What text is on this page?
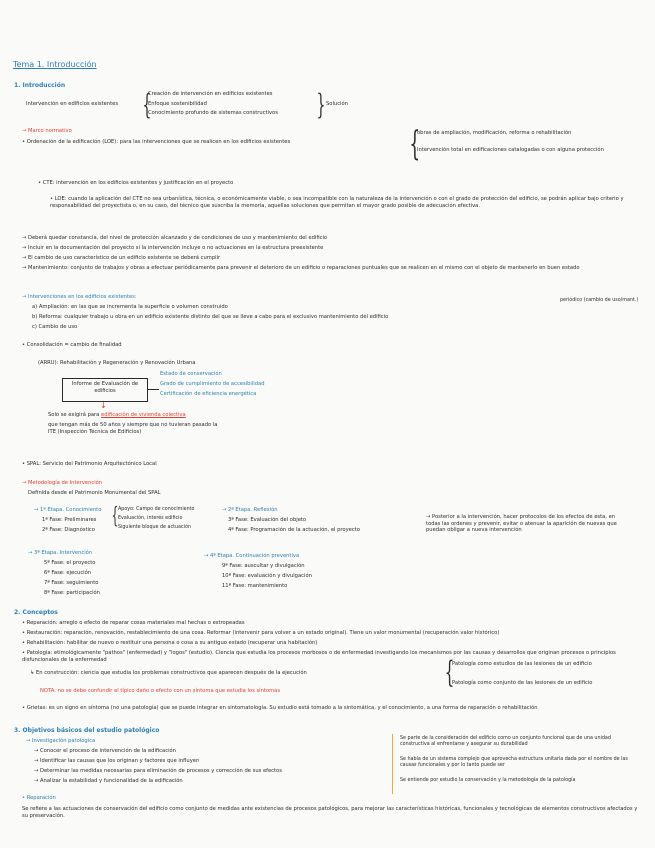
Tema 1. Introducción
1. Introducción
Intervención en edificios existentes {
Creación de intervención en edificios existentes
Enfoque sostenibilidad
Conocimiento profundo de sistemas constructivos } Solución
→ Marco normativo
• Ordenación de la edificación (LOE): para las intervenciones que se realicen en los edificios existentes	{
obras de ampliación, modificación, reforma o rehabilitación
Intervención total en edificaciones catalogadas o con alguna protección
• CTE: intervención en los edificios existentes y justificación en el proyecto
• LOE: cuando la aplicación del CTE no sea urbanística, técnica, o económicamente viable, o sea incompatible con la naturaleza de la intervención o con el grado de protección del edificio, se podrán aplicar bajo criterio y responsabilidad del proyectista o, en su caso, del técnico que suscriba la memoria, aquellas soluciones que permitan el mayor grado posible de adecuación efectiva.
→ Deberá quedar constancia, del nivel de protección alcanzado y de condiciones de uso y mantenimiento del edificio
→ Incluir en la documentación del proyecto si la intervención incluye o no actuaciones en la estructura preexistente
→ El cambio de uso característico de un edificio existente se deberá cumplir
→ Mantenimiento: conjunto de trabajos y obras a efectuar periódicamente para prevenir el deterioro de un edificio o reparaciones puntuales que se realicen en el mismo con el objeto de mantenerlo en buen estado
→ Intervenciones en los edificios existentes:
periódico (cambio de uso/mant.)
a) Ampliación: en las que se incrementa la superficie o volumen construido
b) Reforma: cualquier trabajo u obra en un edificio existente distinto del que se lleve a cabo para el exclusivo mantenimiento del edificio
c) Cambio de uso
• Consolidación = cambio de finalidad
(ARRU): Rehabilitación y Regeneración y Renovación Urbana
Informe de Evaluación de edificios
Estado de conservación
Grado de cumplimiento de accesibilidad
Certificación de eficiencia energética
↓
Solo se exigirá para edificación de vivienda colectiva
que tengan más de 50 años y siempre que no tuvieran pasado la ITE (Inspección Técnica de Edificios)
• SPAL: Servicio del Patrimonio Arquitectónico Local
→ Metodología de Intervención
Definida desde el Patrimonio Monumental del SPAL
→ 1ª Etapa. Conocimiento
1ª Fase: Preliminares
2ª Fase: Diagnóstico
{ Apoyo: Campo de conocimiento
Evaluación, interés edificio
Siguiente bloque de actuación
→ 2ª Etapa. Reflexión
3ª Fase: Evaluación del objeto
4ª Fase: Programación de la actuación, el proyecto
→ Posterior a la intervención, hacer protocolos de los efectos de ésta, en todas las ordenes y prevenir, evitar o atenuar la aparición de nuevas que puedan obligar a nueva intervención
→ 3ª Etapa. Intervención
5ª Fase: el proyecto
6ª Fase: ejecución
7ª Fase: seguimiento
8ª Fase: participación
→ 4ª Etapa. Continuación preventiva
9ª Fase: auscultar y divulgación
10ª Fase: evaluación y divulgación
11ª Fase: mantenimiento
2. Conceptos
• Reparación: arreglo o efecto de reparar cosas materiales mal hechas o estropeadas
• Restauración: reparación, renovación, restablecimiento de una cosa. Reformar (intervenir para volver a un estado original). Tiene un valor monumental (recuperación valor histórico)
• Rehabilitación: habilitar de nuevo o restituir una persona o cosa a su antiguo estado (recuperar una habitación)
• Patología: etimológicamente "pathos" (enfermedad) y "logos" (estudio). Ciencia que estudia los procesos morbosos o de enfermedad investigando los mecanismos por las causas y desarrollos que originan procesos o principios disfuncionales de la enfermedad
↳ En construcción: ciencia que estudia los problemas constructivos que aparecen después de la ejecución	{
Patología como estudios de las lesiones de un edificio
Patología como conjunto de las lesiones de un edificio
NOTA: no se debe confundir el típico daño o efecto con un síntoma que estudia los síntomas
• Grietas: es un signo en síntoma (no una patología) que se puede integrar en sintomatología. Su estudio está tomado a la sintomática, y el conocimiento, a una forma de reparación o rehabilitación
3. Objetivos básicos del estudio patológico
→ Investigación patológica
→ Conocer el proceso de intervención de la edificación
→ Identificar las causas que los originan y factores que influyen
→ Determinar las medidas necesarias para eliminación de procesos y corrección de sus efectos
→ Analizar la estabilidad y funcionalidad de la edificación
Se parte de la consideración del edificio como un conjunto funcional que de una unidad constructiva al enfrentarse y asegurar su durabilidad
Se habla de un sistema complejo que aprovecha estructura unitaria dada por el nombre de las causas funcionales y por lo tanto puede ser
Se entiende por estudio la conservación y la metodología de la patología
• Reparación
Se refiere a las actuaciones de conservación del edificio como conjunto de medidas ante existencias de procesos patológicos, para mejorar las características históricas, funcionales y tecnológicas de elementos constructivos afectados y su preservación.
